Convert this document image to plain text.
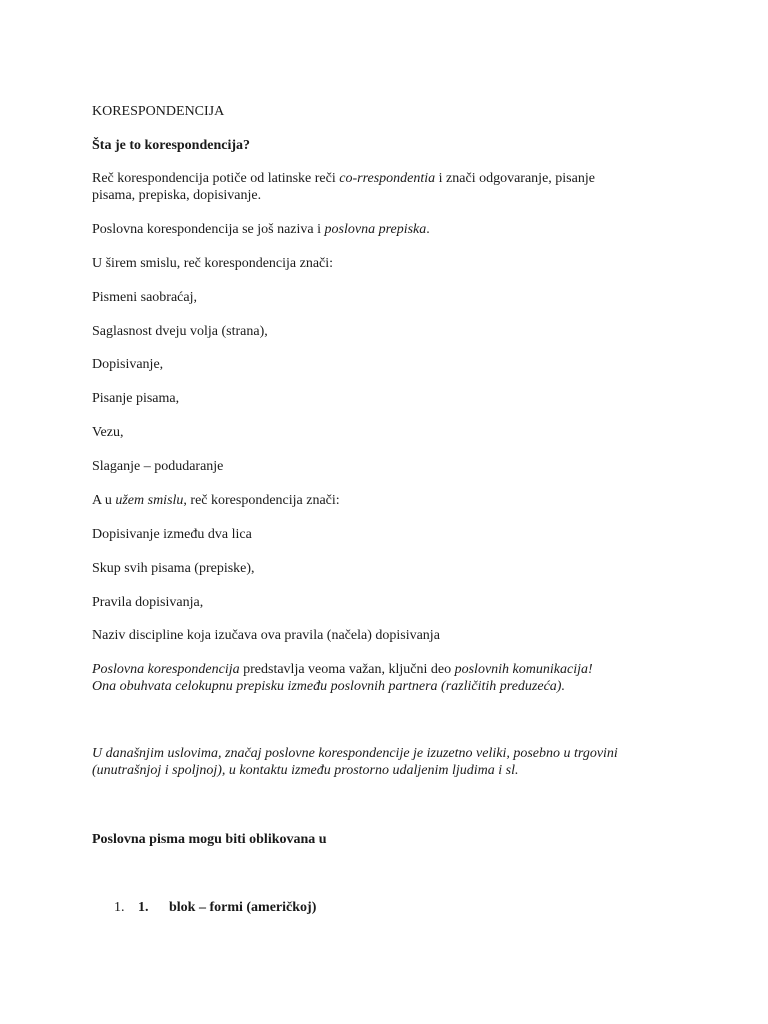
KORESPONDENCIJA

Šta je to korespondencija?

Reč korespondencija potiče od latinske reči co-rrespondentia i znači odgovaranje, pisanje
pisama, prepiska, dopisivanje.

Poslovna korespondencija se još naziva i poslovna prepiska.

U širem smislu, reč korespondencija znači:

Pismeni saobraćaj,

Saglasnost dveju volja (strana),

Dopisivanje,

Pisanje pisama,

Vezu,

Slaganje – podudaranje

A u užem smislu, reč korespondencija znači:

Dopisivanje između dva lica

Skup svih pisama (prepiske),

Pravila dopisivanja,

Naziv discipline koja izučava ova pravila (načela) dopisivanja

Poslovna korespondencija predstavlja veoma važan, ključni deo poslovnih komunikacija!
Ona obuhvata celokupnu prepisku između poslovnih partnera (različitih preduzeća).

U današnjim uslovima, značaj poslovne korespondencije je izuzetno veliki, posebno u trgovini
(unutrašnjoj i spoljnoj), u kontaktu između prostorno udaljenim ljudima i sl.

Poslovna pisma mogu biti oblikovana u

1. 1. blok – formi (američkoj)
